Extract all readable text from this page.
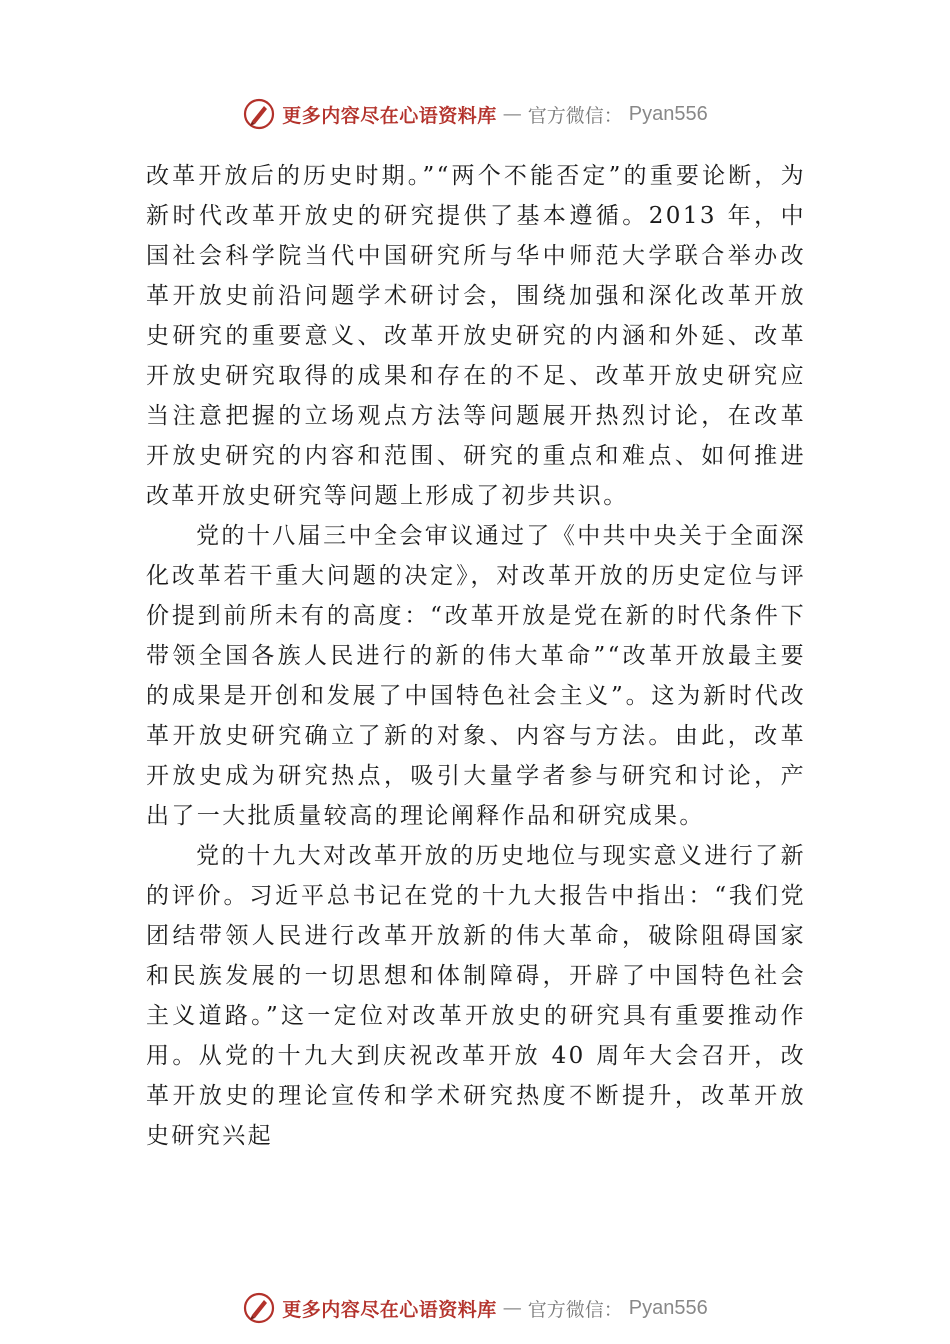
更多内容尽在心语资料库 — 官方微信： Pyan556

改革开放后的历史时期。”“两个不能否定”的重要论断，为新时代改革开放史的研究提供了基本遵循。2013 年，中国社会科学院当代中国研究所与华中师范大学联合举办改革开放史前沿问题学术研讨会，围绕加强和深化改革开放史研究的重要意义、改革开放史研究的内涵和外延、改革开放史研究取得的成果和存在的不足、改革开放史研究应当注意把握的立场观点方法等问题展开热烈讨论，在改革开放史研究的内容和范围、研究的重点和难点、如何推进改革开放史研究等问题上形成了初步共识。

党的十八届三中全会审议通过了《中共中央关于全面深化改革若干重大问题的决定》，对改革开放的历史定位与评价提到前所未有的高度：“改革开放是党在新的时代条件下带领全国各族人民进行的新的伟大革命”“改革开放最主要的成果是开创和发展了中国特色社会主义”。这为新时代改 革开放史研究确立了新的对象、内容与方法。由此，改革开放史成为研究热点，吸引大量学者参与研究和讨论，产出了一大批质量较高的理论阐释作品和研究成果。

党的十九大对改革开放的历史地位与现实意义进行了新的评价。习近平总书记在党的十九大报告中指出：“我们党团结带领人民进行改革开放新的伟大革命，破除阻碍国家和民族发展的一切思想和体制障碍，开辟了中国特色社会主义道路。”这一定位对改革开放史的研究具有重要推动作用。从党的十九大到庆祝改革开放 40 周年大会召开，改革开放史的理论宣传和学术研究热度不断提升，改革开放史研究兴起

更多内容尽在心语资料库 — 官方微信： Pyan556
